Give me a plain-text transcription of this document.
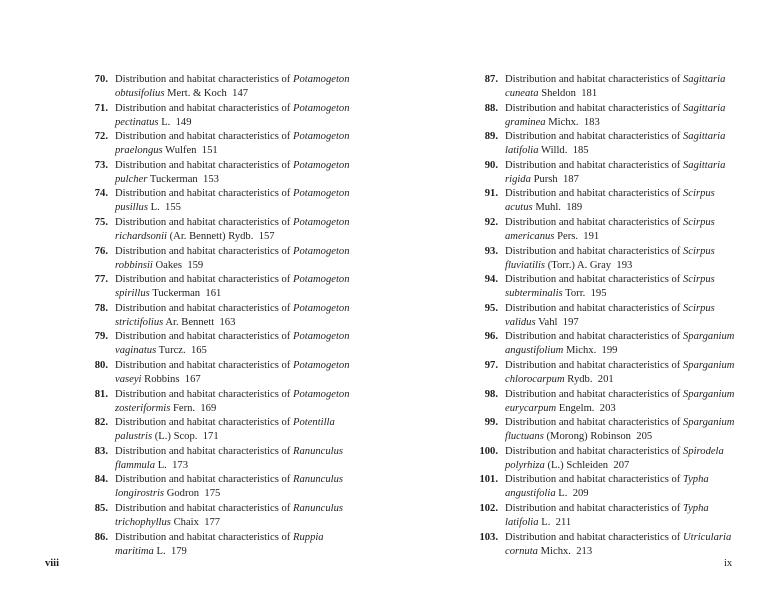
70. Distribution and habitat characteristics of Potamogeton
obtusifolius Mert. & Koch 147
71. Distribution and habitat characteristics of Potamogeton
pectinatus L. 149
72. Distribution and habitat characteristics of Potamogeton
praelongus Wulfen 151
73. Distribution and habitat characteristics of Potamogeton
pulcher Tuckerman 153
74. Distribution and habitat characteristics of Potamogeton
pusillus L. 155
75. Distribution and habitat characteristics of Potamogeton
richardsonii (Ar. Bennett) Rydb. 157
76. Distribution and habitat characteristics of Potamogeton
robbinsii Oakes 159
77. Distribution and habitat characteristics of Potamogeton
spirillus Tuckerman 161
78. Distribution and habitat characteristics of Potamogeton
strictifolius Ar. Bennett 163
79. Distribution and habitat characteristics of Potamogeton
vaginatus Turcz. 165
80. Distribution and habitat characteristics of Potamogeton
vaseyi Robbins 167
81. Distribution and habitat characteristics of Potamogeton
zosteriformis Fern. 169
82. Distribution and habitat characteristics of Potentilla
palustris (L.) Scop. 171
83. Distribution and habitat characteristics of Ranunculus
flammula L. 173
84. Distribution and habitat characteristics of Ranunculus
longirostris Godron 175
85. Distribution and habitat characteristics of Ranunculus
trichophyllus Chaix 177
86. Distribution and habitat characteristics of Ruppia
maritima L. 179
87. Distribution and habitat characteristics of Sagittaria
cuneata Sheldon 181
88. Distribution and habitat characteristics of Sagittaria
graminea Michx. 183
89. Distribution and habitat characteristics of Sagittaria
latifolia Willd. 185
90. Distribution and habitat characteristics of Sagittaria
rigida Pursh 187
91. Distribution and habitat characteristics of Scirpus
acutus Muhl. 189
92. Distribution and habitat characteristics of Scirpus
americanus Pers. 191
93. Distribution and habitat characteristics of Scirpus
fluviatilis (Torr.) A. Gray 193
94. Distribution and habitat characteristics of Scirpus
subterminalis Torr. 195
95. Distribution and habitat characteristics of Scirpus
validus Vahl 197
96. Distribution and habitat characteristics of Sparganium
angustifolium Michx. 199
97. Distribution and habitat characteristics of Sparganium
chlorocarpum Rydb. 201
98. Distribution and habitat characteristics of Sparganium
eurycarpum Engelm. 203
99. Distribution and habitat characteristics of Sparganium
fluctuans (Morong) Robinson 205
100. Distribution and habitat characteristics of Spirodela
polyrhiza (L.) Schleiden 207
101. Distribution and habitat characteristics of Typha
angustifolia L. 209
102. Distribution and habitat characteristics of Typha
latifolia L. 211
103. Distribution and habitat characteristics of Utricularia
cornuta Michx. 213
viii	ix
